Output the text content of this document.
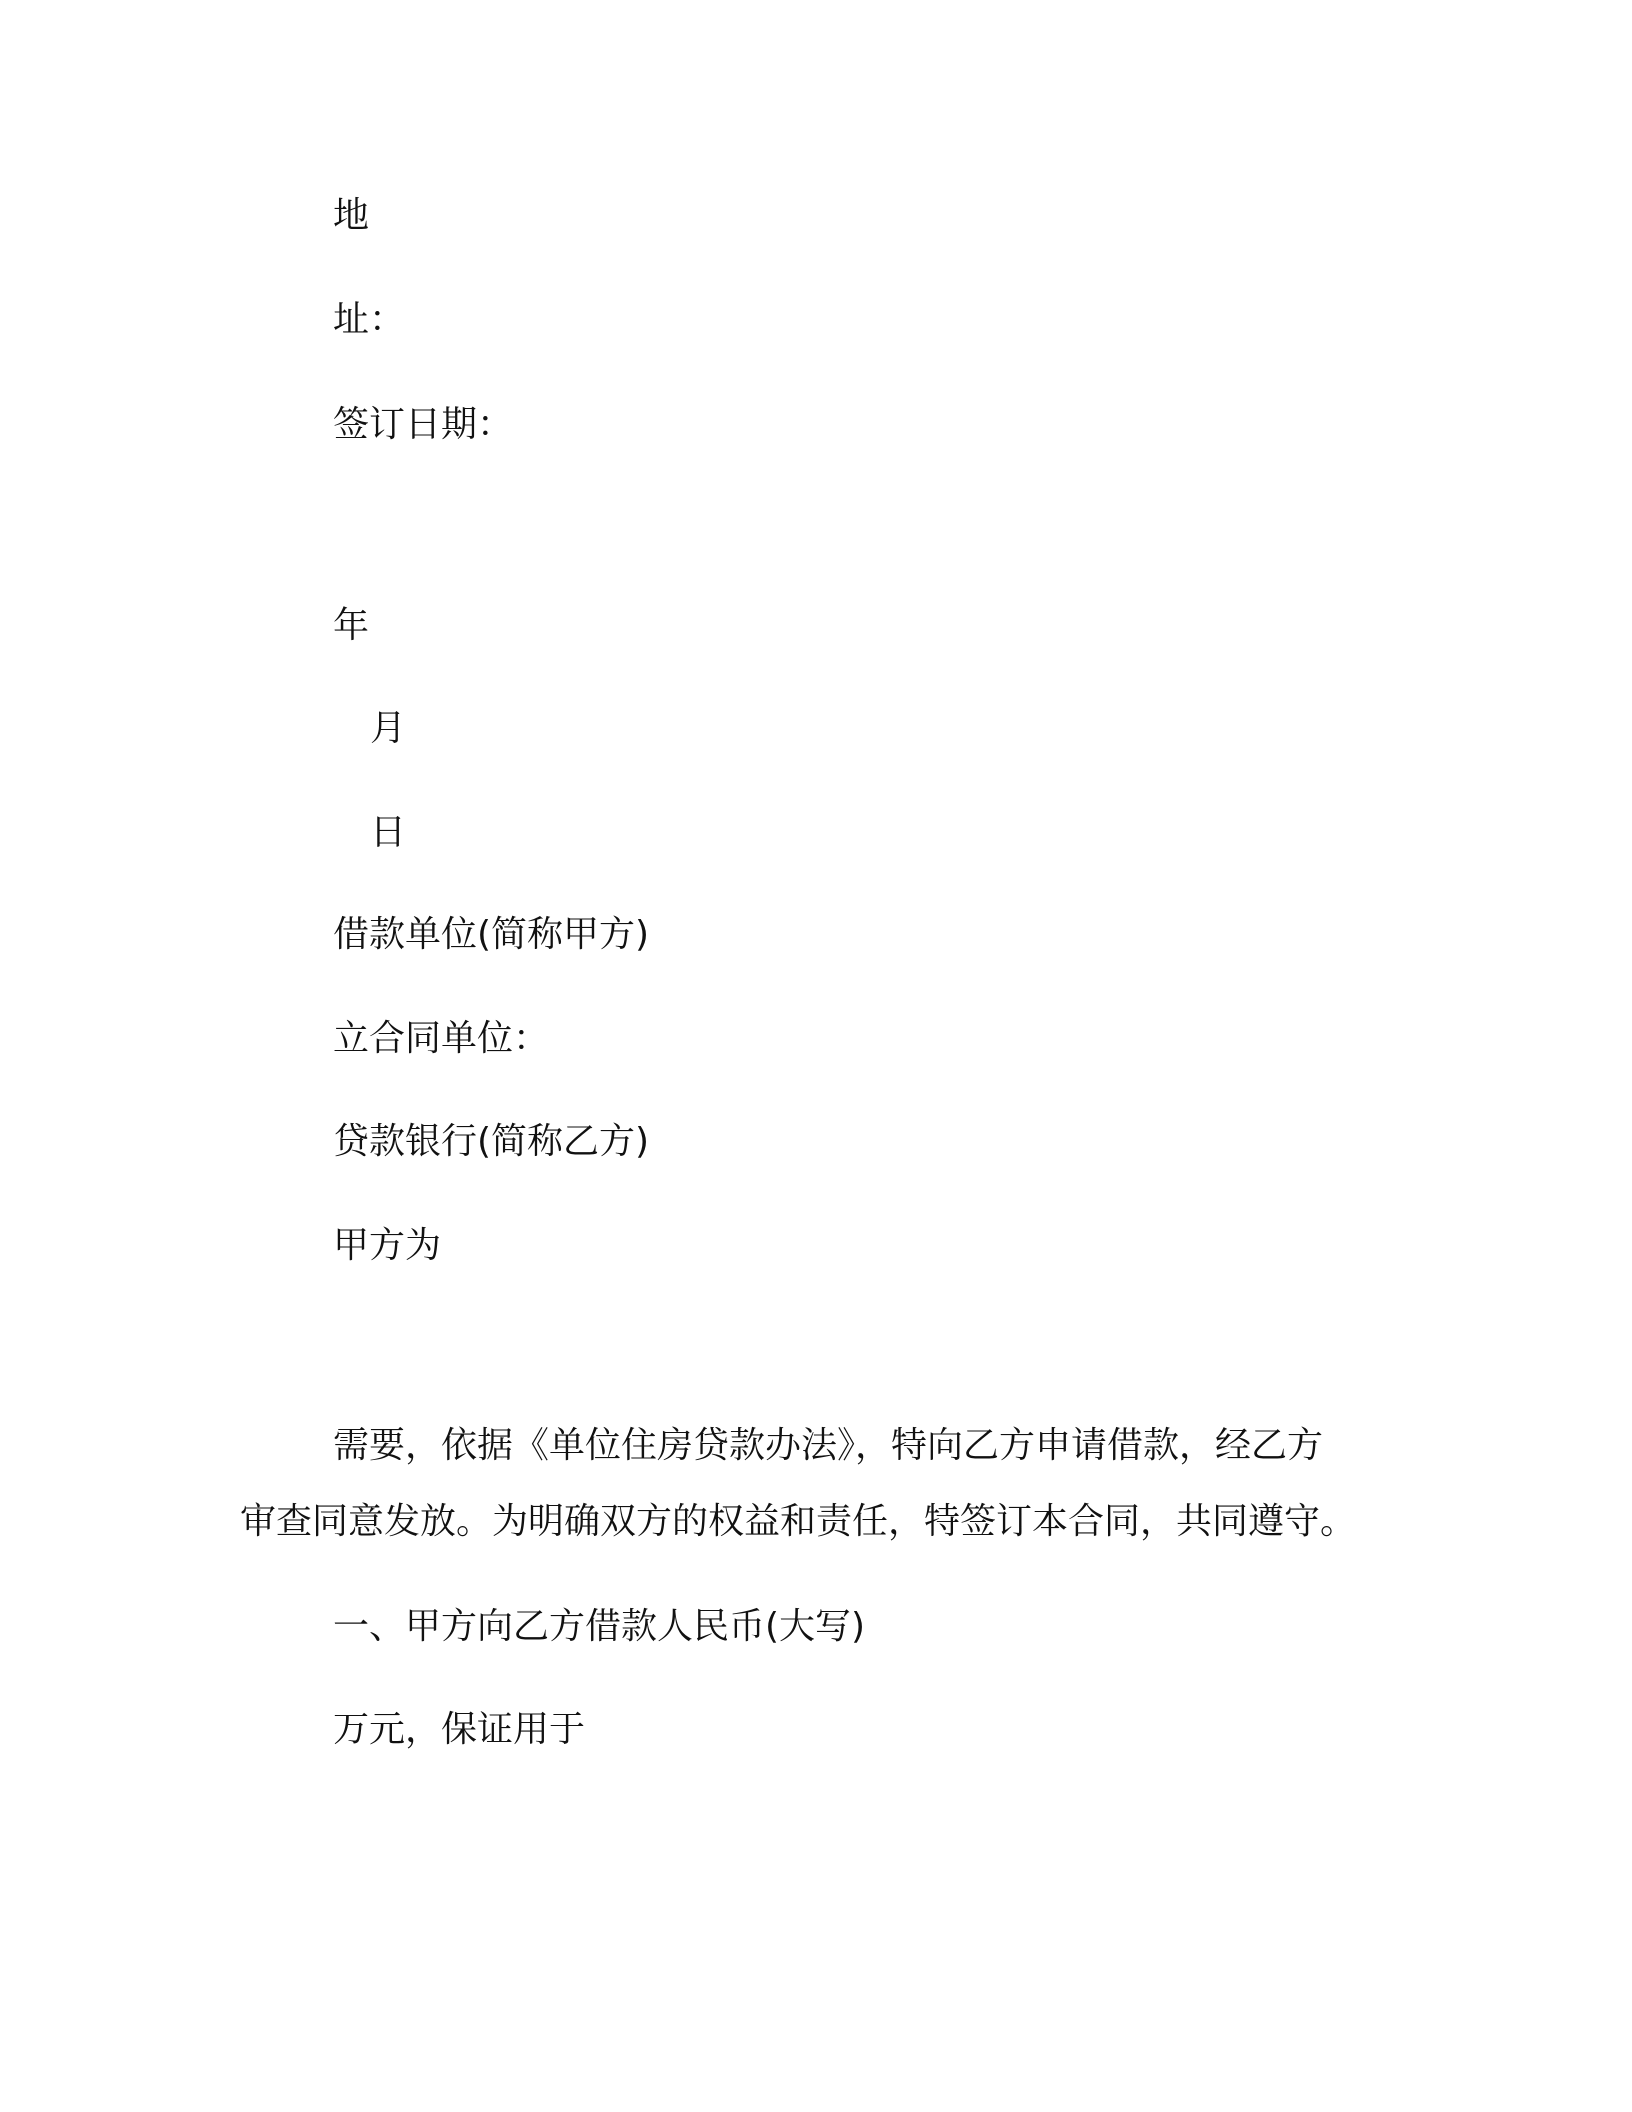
地
址：
签订日期：
年
月
日
借款单位(简称甲方)
立合同单位：
贷款银行(简称乙方)
甲方为
需要，依据《单位住房贷款办法》，特向乙方申请借款，经乙方
审查同意发放。为明确双方的权益和责任，特签订本合同，共同遵守。
一、甲方向乙方借款人民币(大写)
万元，保证用于
